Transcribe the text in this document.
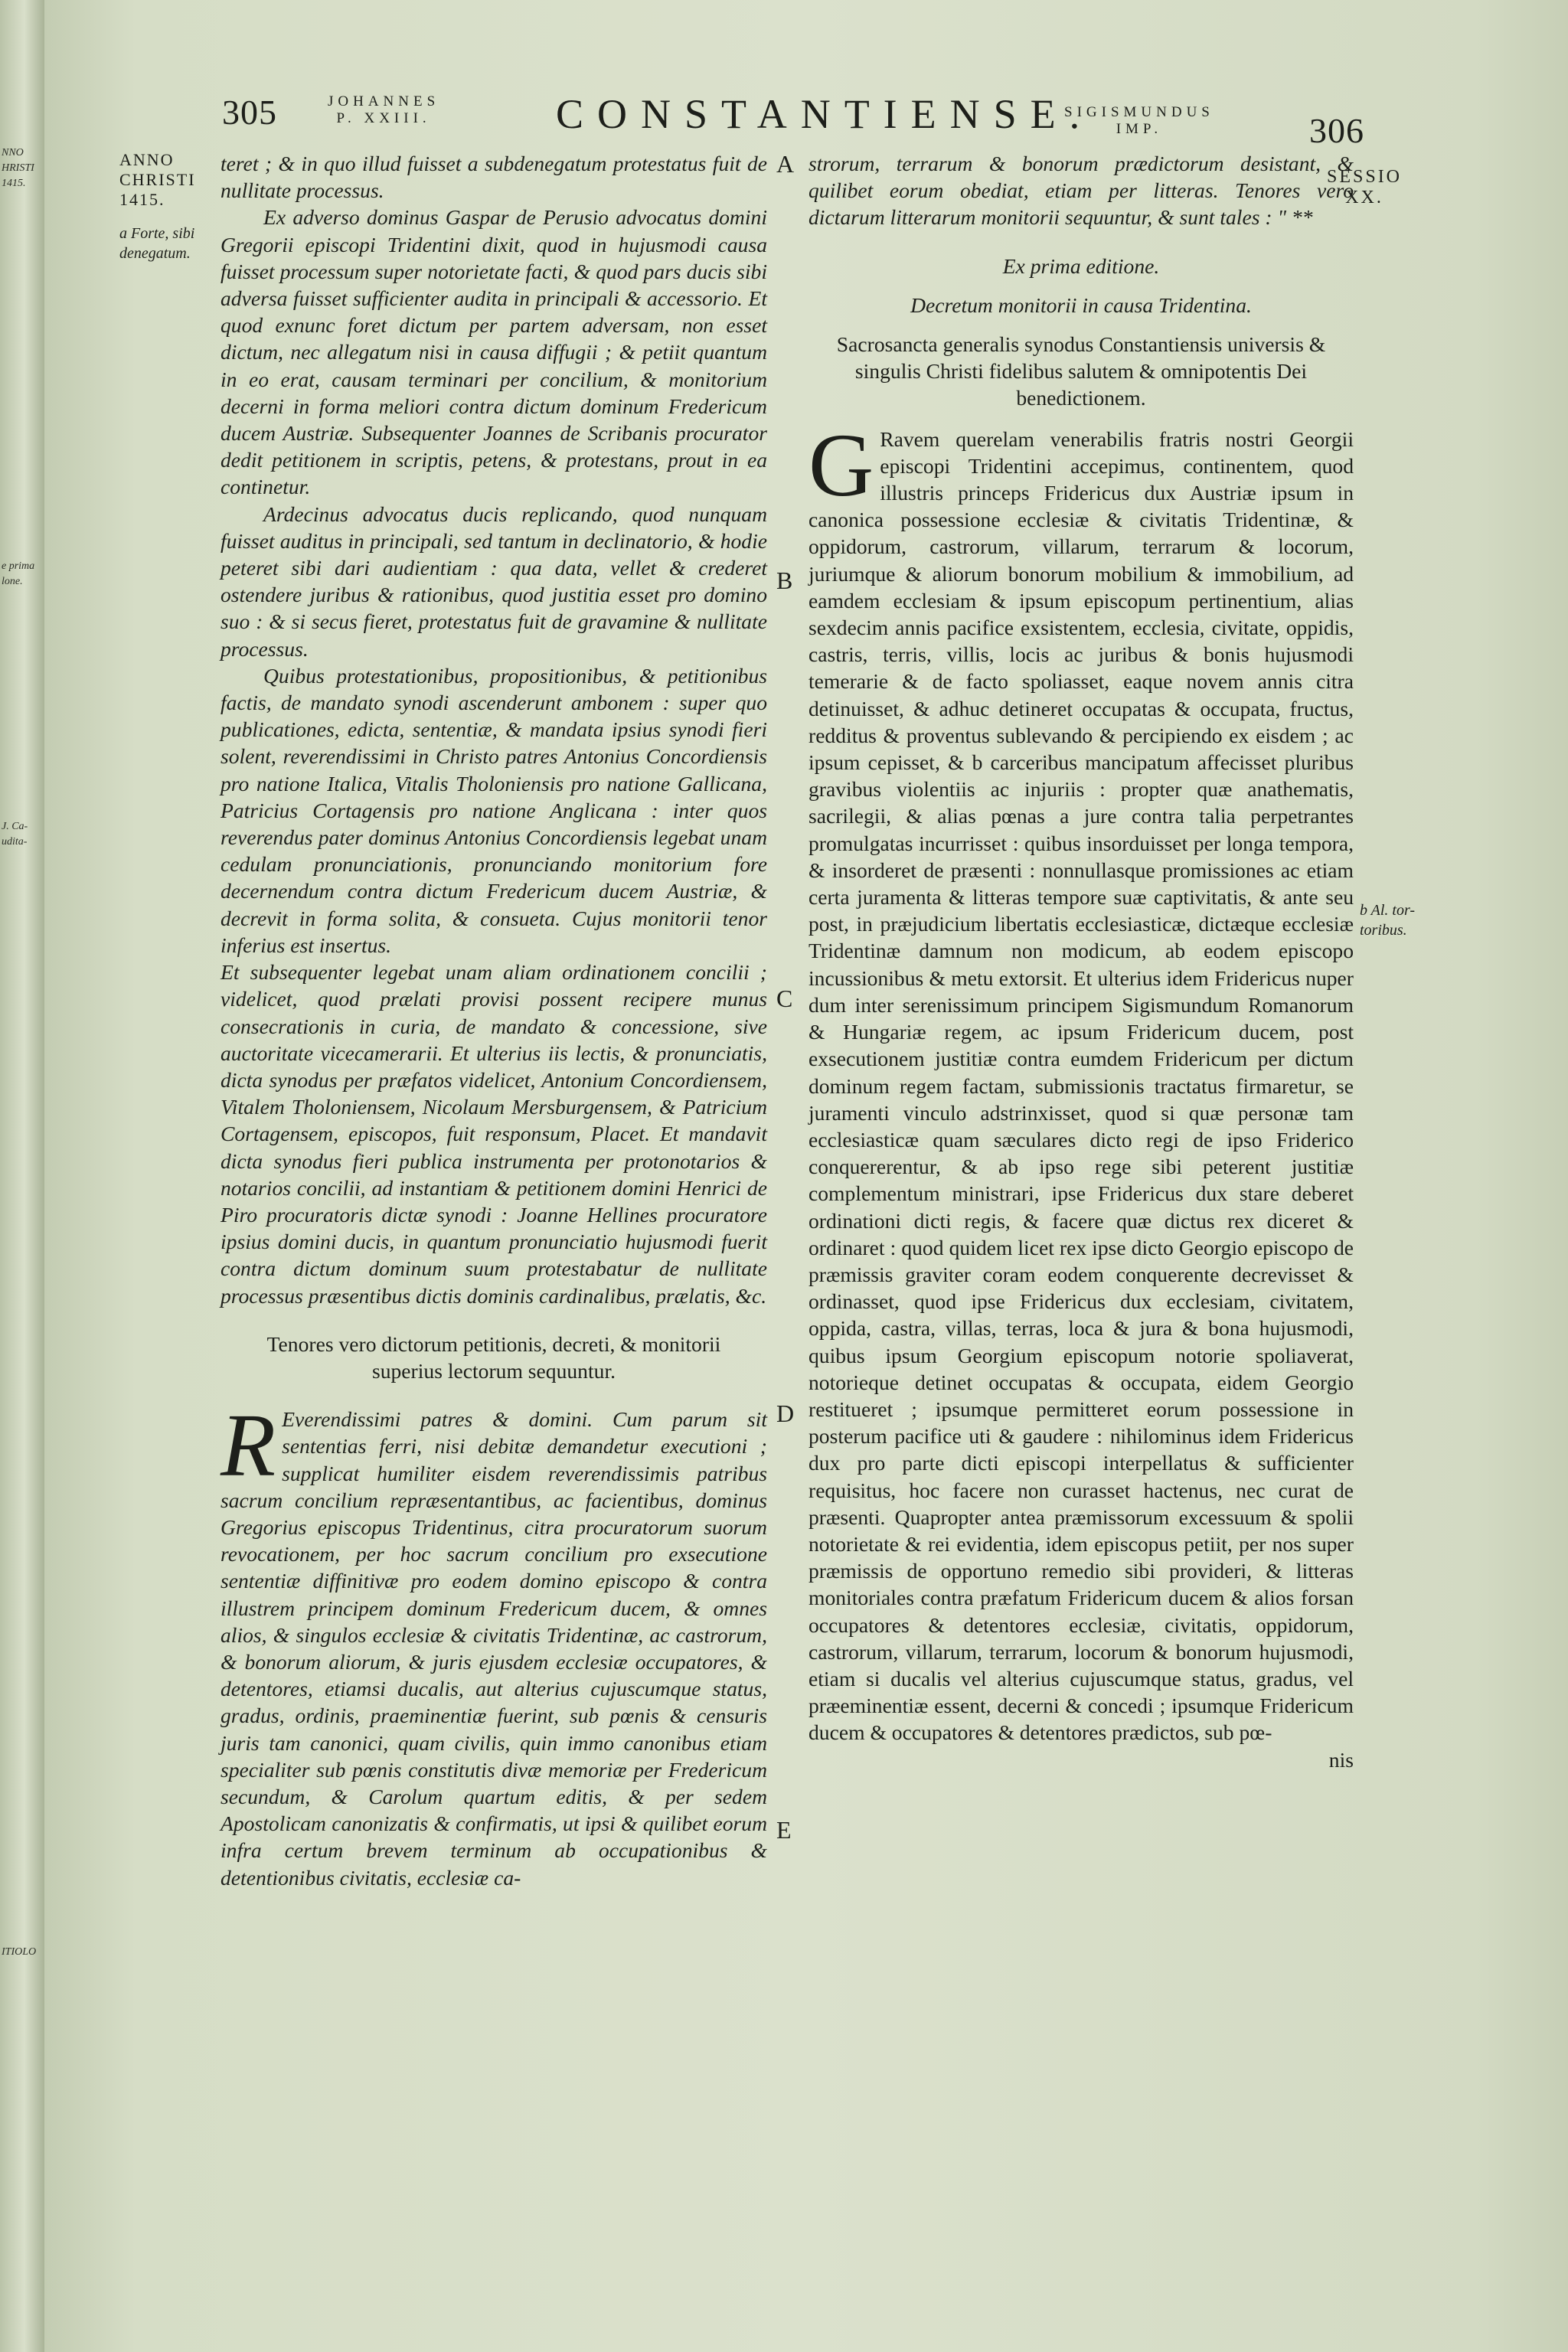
NNO
HRISTI
1415.
e prima
lone.
J. Ca-
udita-
ITIOLO
305	JOHANNES
P. XXIII.	CONSTANTIENSE.
SIGISMUNDUS
IMP.	306
ANNO
CHRISTI
1415.
a Forte, sibi
denegatum.
SESSIO
XX.
b Al. tor-
toribus.
A
B
C
D
E

teret ; & in quo illud fuisset a subdenegatum protestatus fuit de nullitate processus.

Ex adverso dominus Gaspar de Perusio advocatus domini Gregorii episcopi Tridentini dixit, quod in hujusmodi causa fuisset processum super notorietate facti, & quod pars ducis sibi adversa fuisset sufficienter audita in principali & accessorio. Et quod exnunc foret dictum per partem adversam, non esset dictum, nec allegatum nisi in causa diffugii ; & petiit quantum in eo erat, causam terminari per concilium, & monitorium decerni in forma meliori contra dictum dominum Fredericum ducem Austriæ. Subsequenter Joannes de Scribanis procurator dedit petitionem in scriptis, petens, & protestans, prout in ea continetur.

Ardecinus advocatus ducis replicando, quod nunquam fuisset auditus in principali, sed tantum in declinatorio, & hodie peteret sibi dari audientiam : qua data, vellet & crederet ostendere juribus & rationibus, quod justitia esset pro domino suo : & si secus fieret, protestatus fuit de gravamine & nullitate processus.

Quibus protestationibus, propositionibus, & petitionibus factis, de mandato synodi ascenderunt ambonem : super quo publicationes, edicta, sententiæ, & mandata ipsius synodi fieri solent, reverendissimi in Christo patres Antonius Concordiensis pro natione Italica, Vitalis Tholoniensis pro natione Gallicana, Patricius Cortagensis pro natione Anglicana : inter quos reverendus pater dominus Antonius Concordiensis legebat unam cedulam pronunciationis, pronunciando monitorium fore decernendum contra dictum Fredericum ducem Austriæ, & decrevit in forma solita, & consueta. Cujus monitorii tenor inferius est insertus.

Et subsequenter legebat unam aliam ordinationem concilii ; videlicet, quod prælati provisi possent recipere munus consecrationis in curia, de mandato & concessione, sive auctoritate vicecamerarii. Et ulterius iis lectis, & pronunciatis, dicta synodus per præfatos videlicet, Antonium Concordiensem, Vitalem Tholoniensem, Nicolaum Mersburgensem, & Patricium Cortagensem, episcopos, fuit responsum, Placet. Et mandavit dicta synodus fieri publica instrumenta per protonotarios & notarios concilii, ad instantiam & petitionem domini Henrici de Piro procuratoris dictæ synodi : Joanne Hellines procuratore ipsius domini ducis, in quantum pronunciatio hujusmodi fuerit contra dictum dominum suum protestabatur de nullitate processus præsentibus dictis dominis cardinalibus, prælatis, &c.

Tenores vero dictorum petitionis, decreti, & monitorii superius lectorum sequuntur.

R Everendissimi patres & domini. Cum parum sit sententias ferri, nisi debitæ demandetur executioni ; supplicat humiliter eisdem reverendissimis patribus sacrum concilium repræsentantibus, ac facientibus, dominus Gregorius episcopus Tridentinus, citra procuratorum suorum revocationem, per hoc sacrum concilium pro exsecutione sententiæ diffinitivæ pro eodem domino episcopo & contra illustrem principem dominum Fredericum ducem, & omnes alios, & singulos ecclesiæ & civitatis Tridentinæ, ac castrorum, & bonorum aliorum, & juris ejusdem ecclesiæ occupatores, & detentores, etiamsi ducalis, aut alterius cujuscumque status, gradus, ordinis, praeminentiæ fuerint, sub pœnis & censuris juris tam canonici, quam civilis, quin immo canonibus etiam specialiter sub pœnis constitutis divæ memoriæ per Fredericum secundum, & Carolum quartum editis, & per sedem Apostolicam canonizatis & confirmatis, ut ipsi & quilibet eorum infra certum brevem terminum ab occupationibus & detentionibus civitatis, ecclesiæ ca-

strorum, terrarum & bonorum prædictorum desistant, & quilibet eorum obediat, etiam per litteras. Tenores vero dictarum litterarum monitorii sequuntur, & sunt tales : " **

Ex prima editione.

Decretum monitorii in causa Tridentina.

Sacrosancta generalis synodus Constantiensis universis & singulis Christi fidelibus salutem & omnipotentis Dei benedictionem.

G Ravem querelam venerabilis fratris nostri Georgii episcopi Tridentini accepimus, continentem, quod illustris princeps Fridericus dux Austriæ ipsum in canonica possessione ecclesiæ & civitatis Tridentinæ, & oppidorum, castrorum, villarum, terrarum & locorum, juriumque & aliorum bonorum mobilium & immobilium, ad eamdem ecclesiam & ipsum episcopum pertinentium, alias sexdecim annis pacifice exsistentem, ecclesia, civitate, oppidis, castris, terris, villis, locis ac juribus & bonis hujusmodi temerarie & de facto spoliasset, eaque novem annis citra detinuisset, & adhuc detineret occupatas & occupata, fructus, redditus & proventus sublevando & percipiendo ex eisdem ; ac ipsum cepisset, & b carceribus mancipatum affecisset pluribus gravibus violentiis ac injuriis : propter quæ anathematis, sacrilegii, & alias pœnas a jure contra talia perpetrantes promulgatas incurrisset : quibus insorduisset per longa tempora, & insorderet de præsenti : nonnullasque promissiones ac etiam certa juramenta & litteras tempore suæ captivitatis, & ante seu post, in præjudicium libertatis ecclesiasticæ, dictæque ecclesiæ Tridentinæ damnum non modicum, ab eodem episcopo incussionibus & metu extorsit. Et ulterius idem Fridericus nuper dum inter serenissimum principem Sigismundum Romanorum & Hungariæ regem, ac ipsum Fridericum ducem, post exsecutionem justitiæ contra eumdem Fridericum per dictum dominum regem factam, submissionis tractatus firmaretur, se juramenti vinculo adstrinxisset, quod si quæ personæ tam ecclesiasticæ quam sæculares dicto regi de ipso Friderico conquererentur, & ab ipso rege sibi peterent justitiæ complementum ministrari, ipse Fridericus dux stare deberet ordinationi dicti regis, & facere quæ dictus rex diceret & ordinaret : quod quidem licet rex ipse dicto Georgio episcopo de præmissis graviter coram eodem conquerente decrevisset & ordinasset, quod ipse Fridericus dux ecclesiam, civitatem, oppida, castra, villas, terras, loca & jura & bona hujusmodi, quibus ipsum Georgium episcopum notorie spoliaverat, notorieque detinet occupatas & occupata, eidem Georgio restitueret ; ipsumque permitteret eorum possessione in posterum pacifice uti & gaudere : nihilominus idem Fridericus dux pro parte dicti episcopi interpellatus & sufficienter requisitus, hoc facere non curasset hactenus, nec curat de præsenti. Quapropter antea præmissorum excessuum & spolii notorietate & rei evidentia, idem episcopus petiit, per nos super præmissis de opportuno remedio sibi provideri, & litteras monitoriales contra præfatum Fridericum ducem & alios forsan occupatores & detentores ecclesiæ, civitatis, oppidorum, castrorum, villarum, terrarum, locorum & bonorum hujusmodi, etiam si ducalis vel alterius cujuscumque status, gradus, vel præeminentiæ essent, decerni & concedi ; ipsumque Fridericum ducem & occupatores & detentores prædictos, sub pœ-

nis
